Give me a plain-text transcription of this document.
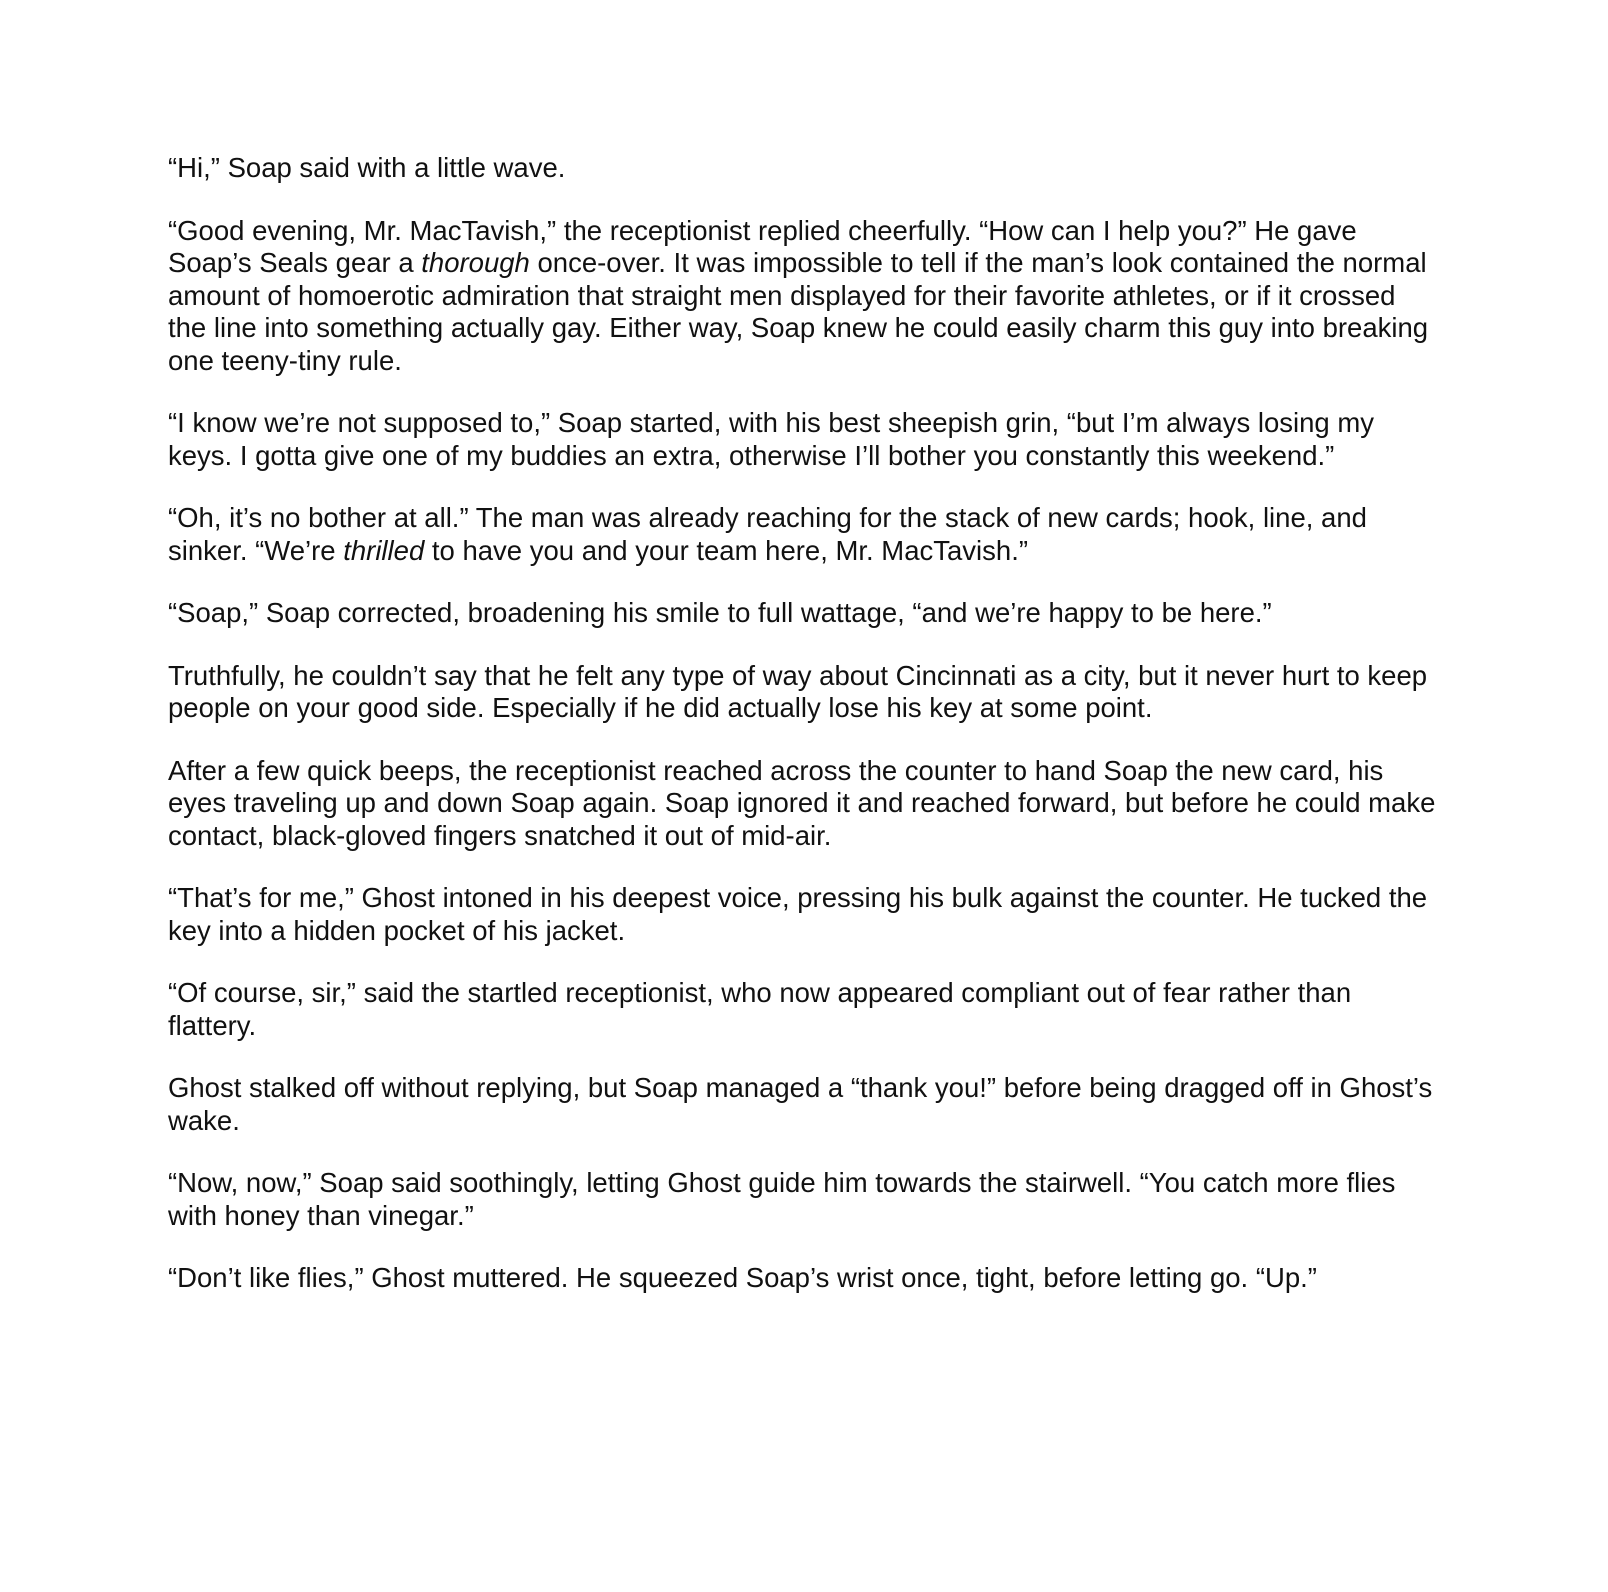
“Hi,” Soap said with a little wave.

“Good evening, Mr. MacTavish,” the receptionist replied cheerfully. “How can I help you?” He gave Soap’s Seals gear a thorough once-over. It was impossible to tell if the man’s look contained the normal amount of homoerotic admiration that straight men displayed for their favorite athletes, or if it crossed the line into something actually gay. Either way, Soap knew he could easily charm this guy into breaking one teeny-tiny rule.

“I know we’re not supposed to,” Soap started, with his best sheepish grin, “but I’m always losing my keys. I gotta give one of my buddies an extra, otherwise I’ll bother you constantly this weekend.”

“Oh, it’s no bother at all.” The man was already reaching for the stack of new cards; hook, line, and sinker. “We’re thrilled to have you and your team here, Mr. MacTavish.”

“Soap,” Soap corrected, broadening his smile to full wattage, “and we’re happy to be here.”

Truthfully, he couldn’t say that he felt any type of way about Cincinnati as a city, but it never hurt to keep people on your good side. Especially if he did actually lose his key at some point.

After a few quick beeps, the receptionist reached across the counter to hand Soap the new card, his eyes traveling up and down Soap again. Soap ignored it and reached forward, but before he could make contact, black-gloved fingers snatched it out of mid-air.

“That’s for me,” Ghost intoned in his deepest voice, pressing his bulk against the counter. He tucked the key into a hidden pocket of his jacket.

“Of course, sir,” said the startled receptionist, who now appeared compliant out of fear rather than flattery.

Ghost stalked off without replying, but Soap managed a “thank you!” before being dragged off in Ghost’s wake.

“Now, now,” Soap said soothingly, letting Ghost guide him towards the stairwell. “You catch more flies with honey than vinegar.”

“Don’t like flies,” Ghost muttered. He squeezed Soap’s wrist once, tight, before letting go. “Up.”
